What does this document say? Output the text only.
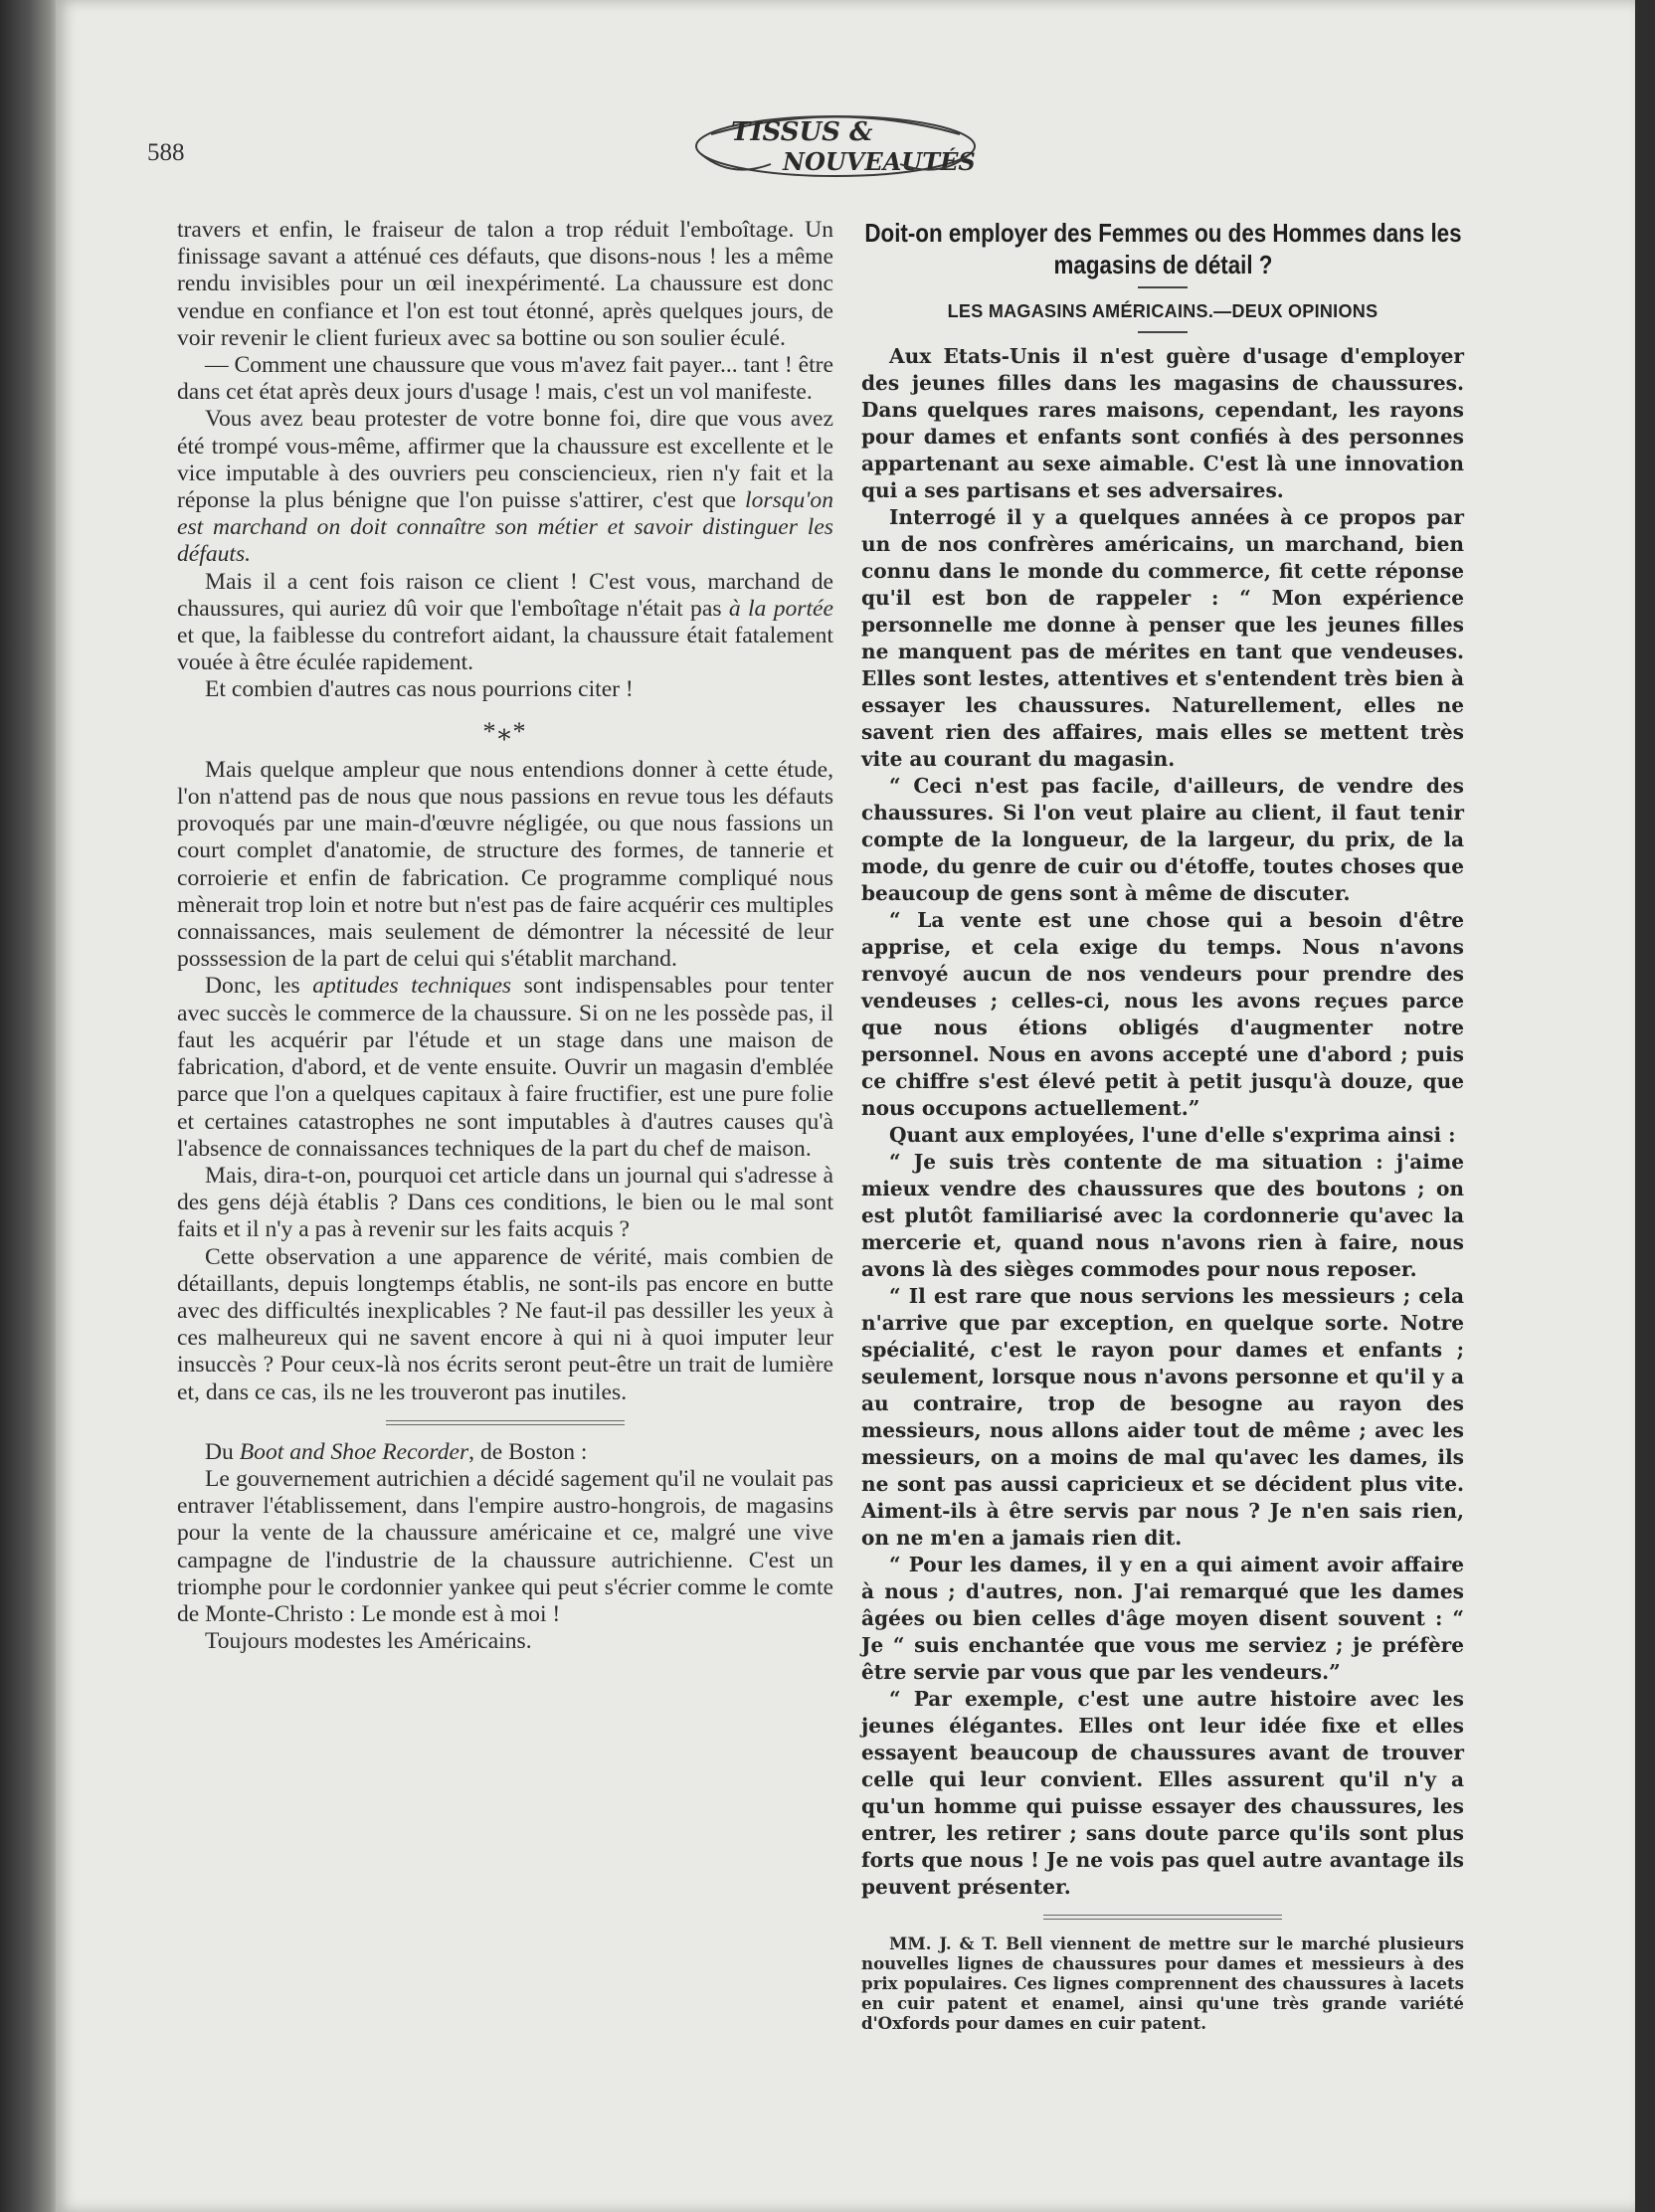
588
TISSUS &
NOUVEAUTÉS

travers et enfin, le fraiseur de talon a trop réduit l'emboîtage. Un finissage savant a atténué ces défauts, que disons-nous ! les a même rendu invisibles pour un œil inexpérimenté. La chaussure est donc vendue en confiance et l'on est tout étonné, après quelques jours, de voir revenir le client furieux avec sa bottine ou son soulier éculé.

— Comment une chaussure que vous m'avez fait payer... tant ! être dans cet état après deux jours d'usage ! mais, c'est un vol manifeste.

Vous avez beau protester de votre bonne foi, dire que vous avez été trompé vous-même, affirmer que la chaussure est excellente et le vice imputable à des ouvriers peu consciencieux, rien n'y fait et la réponse la plus bénigne que l'on puisse s'attirer, c'est que lorsqu'on est marchand on doit connaître son métier et savoir distinguer les défauts.

Mais il a cent fois raison ce client ! C'est vous, marchand de chaussures, qui auriez dû voir que l'emboîtage n'était pas à la portée et que, la faiblesse du contrefort aidant, la chaussure était fatalement vouée à être éculée rapidement.

Et combien d'autres cas nous pourrions citer !

*⁎*

Mais quelque ampleur que nous entendions donner à cette étude, l'on n'attend pas de nous que nous passions en revue tous les défauts provoqués par une main-d'œuvre négligée, ou que nous fassions un court complet d'anatomie, de structure des formes, de tannerie et corroierie et enfin de fabrication. Ce programme compliqué nous mènerait trop loin et notre but n'est pas de faire acquérir ces multiples connaissances, mais seulement de démontrer la nécessité de leur posssession de la part de celui qui s'établit marchand.

Donc, les aptitudes techniques sont indispensables pour tenter avec succès le commerce de la chaussure. Si on ne les possède pas, il faut les acquérir par l'étude et un stage dans une maison de fabrication, d'abord, et de vente ensuite. Ouvrir un magasin d'emblée parce que l'on a quelques capitaux à faire fructifier, est une pure folie et certaines catastrophes ne sont imputables à d'autres causes qu'à l'absence de connaissances techniques de la part du chef de maison.

Mais, dira-t-on, pourquoi cet article dans un journal qui s'adresse à des gens déjà établis ? Dans ces conditions, le bien ou le mal sont faits et il n'y a pas à revenir sur les faits acquis ?

Cette observation a une apparence de vérité, mais combien de détaillants, depuis longtemps établis, ne sont-ils pas encore en butte avec des difficultés inexplicables ? Ne faut-il pas dessiller les yeux à ces malheureux qui ne savent encore à qui ni à quoi imputer leur insuccès ? Pour ceux-là nos écrits seront peut-être un trait de lumière et, dans ce cas, ils ne les trouveront pas inutiles.

Du Boot and Shoe Recorder, de Boston :

Le gouvernement autrichien a décidé sagement qu'il ne voulait pas entraver l'établissement, dans l'empire austro-hongrois, de magasins pour la vente de la chaussure américaine et ce, malgré une vive campagne de l'industrie de la chaussure autrichienne. C'est un triomphe pour le cordonnier yankee qui peut s'écrier comme le comte de Monte-Christo : Le monde est à moi !

Toujours modestes les Américains.

Doit-on employer des Femmes ou des Hommes dans les magasins de détail ?
LES MAGASINS AMÉRICAINS.—DEUX OPINIONS

Aux Etats-Unis il n'est guère d'usage d'employer des jeunes filles dans les magasins de chaussures. Dans quelques rares maisons, cependant, les rayons pour dames et enfants sont confiés à des personnes appartenant au sexe aimable. C'est là une innovation qui a ses partisans et ses adversaires.

Interrogé il y a quelques années à ce propos par un de nos confrères américains, un marchand, bien connu dans le monde du commerce, fit cette réponse qu'il est bon de rappeler : “ Mon expérience personnelle me donne à penser que les jeunes filles ne manquent pas de mérites en tant que vendeuses. Elles sont lestes, attentives et s'entendent très bien à essayer les chaussures. Naturellement, elles ne savent rien des affaires, mais elles se mettent très vite au courant du magasin.

“ Ceci n'est pas facile, d'ailleurs, de vendre des chaussures. Si l'on veut plaire au client, il faut tenir compte de la longueur, de la largeur, du prix, de la mode, du genre de cuir ou d'étoffe, toutes choses que beaucoup de gens sont à même de discuter.

“ La vente est une chose qui a besoin d'être apprise, et cela exige du temps. Nous n'avons renvoyé aucun de nos vendeurs pour prendre des vendeuses ; celles-ci, nous les avons reçues parce que nous étions obligés d'augmenter notre personnel. Nous en avons accepté une d'abord ; puis ce chiffre s'est élevé petit à petit jusqu'à douze, que nous occupons actuellement.”

Quant aux employées, l'une d'elle s'exprima ainsi :

“ Je suis très contente de ma situation : j'aime mieux vendre des chaussures que des boutons ; on est plutôt familiarisé avec la cordonnerie qu'avec la mercerie et, quand nous n'avons rien à faire, nous avons là des sièges commodes pour nous reposer.

“ Il est rare que nous servions les messieurs ; cela n'arrive que par exception, en quelque sorte. Notre spécialité, c'est le rayon pour dames et enfants ; seulement, lorsque nous n'avons personne et qu'il y a au contraire, trop de besogne au rayon des messieurs, nous allons aider tout de même ; avec les messieurs, on a moins de mal qu'avec les dames, ils ne sont pas aussi capricieux et se décident plus vite. Aiment-ils à être servis par nous ? Je n'en sais rien, on ne m'en a jamais rien dit.

“ Pour les dames, il y en a qui aiment avoir affaire à nous ; d'autres, non. J'ai remarqué que les dames âgées ou bien celles d'âge moyen disent souvent : “ Je “ suis enchantée que vous me serviez ; je préfère être servie par vous que par les vendeurs.”

“ Par exemple, c'est une autre histoire avec les jeunes élégantes. Elles ont leur idée fixe et elles essayent beaucoup de chaussures avant de trouver celle qui leur convient. Elles assurent qu'il n'y a qu'un homme qui puisse essayer des chaussures, les entrer, les retirer ; sans doute parce qu'ils sont plus forts que nous ! Je ne vois pas quel autre avantage ils peuvent présenter.

MM. J. & T. Bell viennent de mettre sur le marché plusieurs nouvelles lignes de chaussures pour dames et messieurs à des prix populaires. Ces lignes comprennent des chaussures à lacets en cuir patent et enamel, ainsi qu'une très grande variété d'Oxfords pour dames en cuir patent.
